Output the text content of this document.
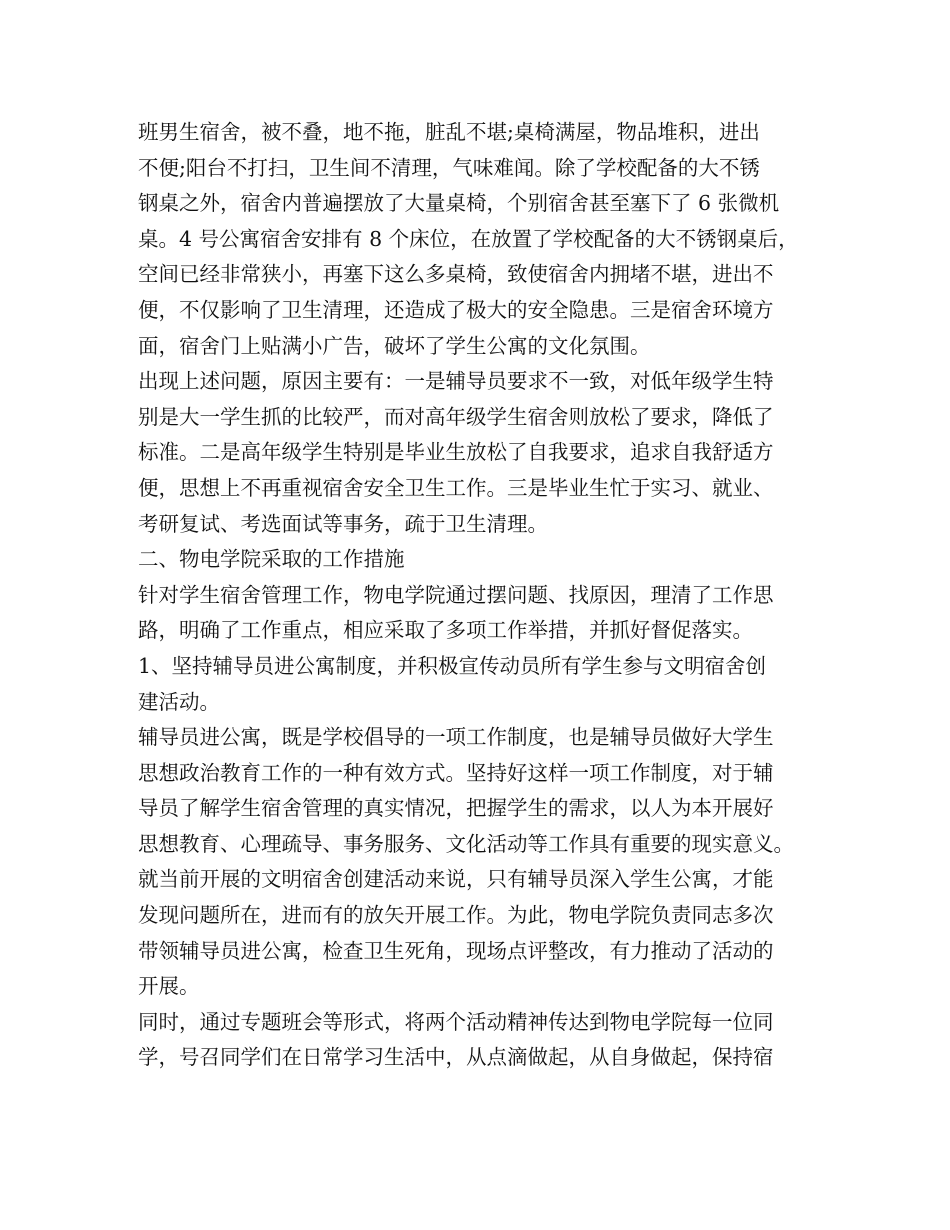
班男生宿舍，被不叠，地不拖，脏乱不堪;桌椅满屋，物品堆积，进出
不便;阳台不打扫，卫生间不清理，气味难闻。除了学校配备的大不锈
钢桌之外，宿舍内普遍摆放了大量桌椅，个别宿舍甚至塞下了 6 张微机
桌。4 号公寓宿舍安排有 8 个床位，在放置了学校配备的大不锈钢桌后，
空间已经非常狭小，再塞下这么多桌椅，致使宿舍内拥堵不堪，进出不
便，不仅影响了卫生清理，还造成了极大的安全隐患。三是宿舍环境方
面，宿舍门上贴满小广告，破坏了学生公寓的文化氛围。
出现上述问题，原因主要有：一是辅导员要求不一致，对低年级学生特
别是大一学生抓的比较严，而对高年级学生宿舍则放松了要求，降低了
标准。二是高年级学生特别是毕业生放松了自我要求，追求自我舒适方
便，思想上不再重视宿舍安全卫生工作。三是毕业生忙于实习、就业、
考研复试、考选面试等事务，疏于卫生清理。
二、物电学院采取的工作措施
针对学生宿舍管理工作，物电学院通过摆问题、找原因，理清了工作思
路，明确了工作重点，相应采取了多项工作举措，并抓好督促落实。
1、坚持辅导员进公寓制度，并积极宣传动员所有学生参与文明宿舍创
建活动。
辅导员进公寓，既是学校倡导的一项工作制度，也是辅导员做好大学生
思想政治教育工作的一种有效方式。坚持好这样一项工作制度，对于辅
导员了解学生宿舍管理的真实情况，把握学生的需求，以人为本开展好
思想教育、心理疏导、事务服务、文化活动等工作具有重要的现实意义。
就当前开展的文明宿舍创建活动来说，只有辅导员深入学生公寓，才能
发现问题所在，进而有的放矢开展工作。为此，物电学院负责同志多次
带领辅导员进公寓，检查卫生死角，现场点评整改，有力推动了活动的
开展。
同时，通过专题班会等形式，将两个活动精神传达到物电学院每一位同
学，号召同学们在日常学习生活中，从点滴做起，从自身做起，保持宿
